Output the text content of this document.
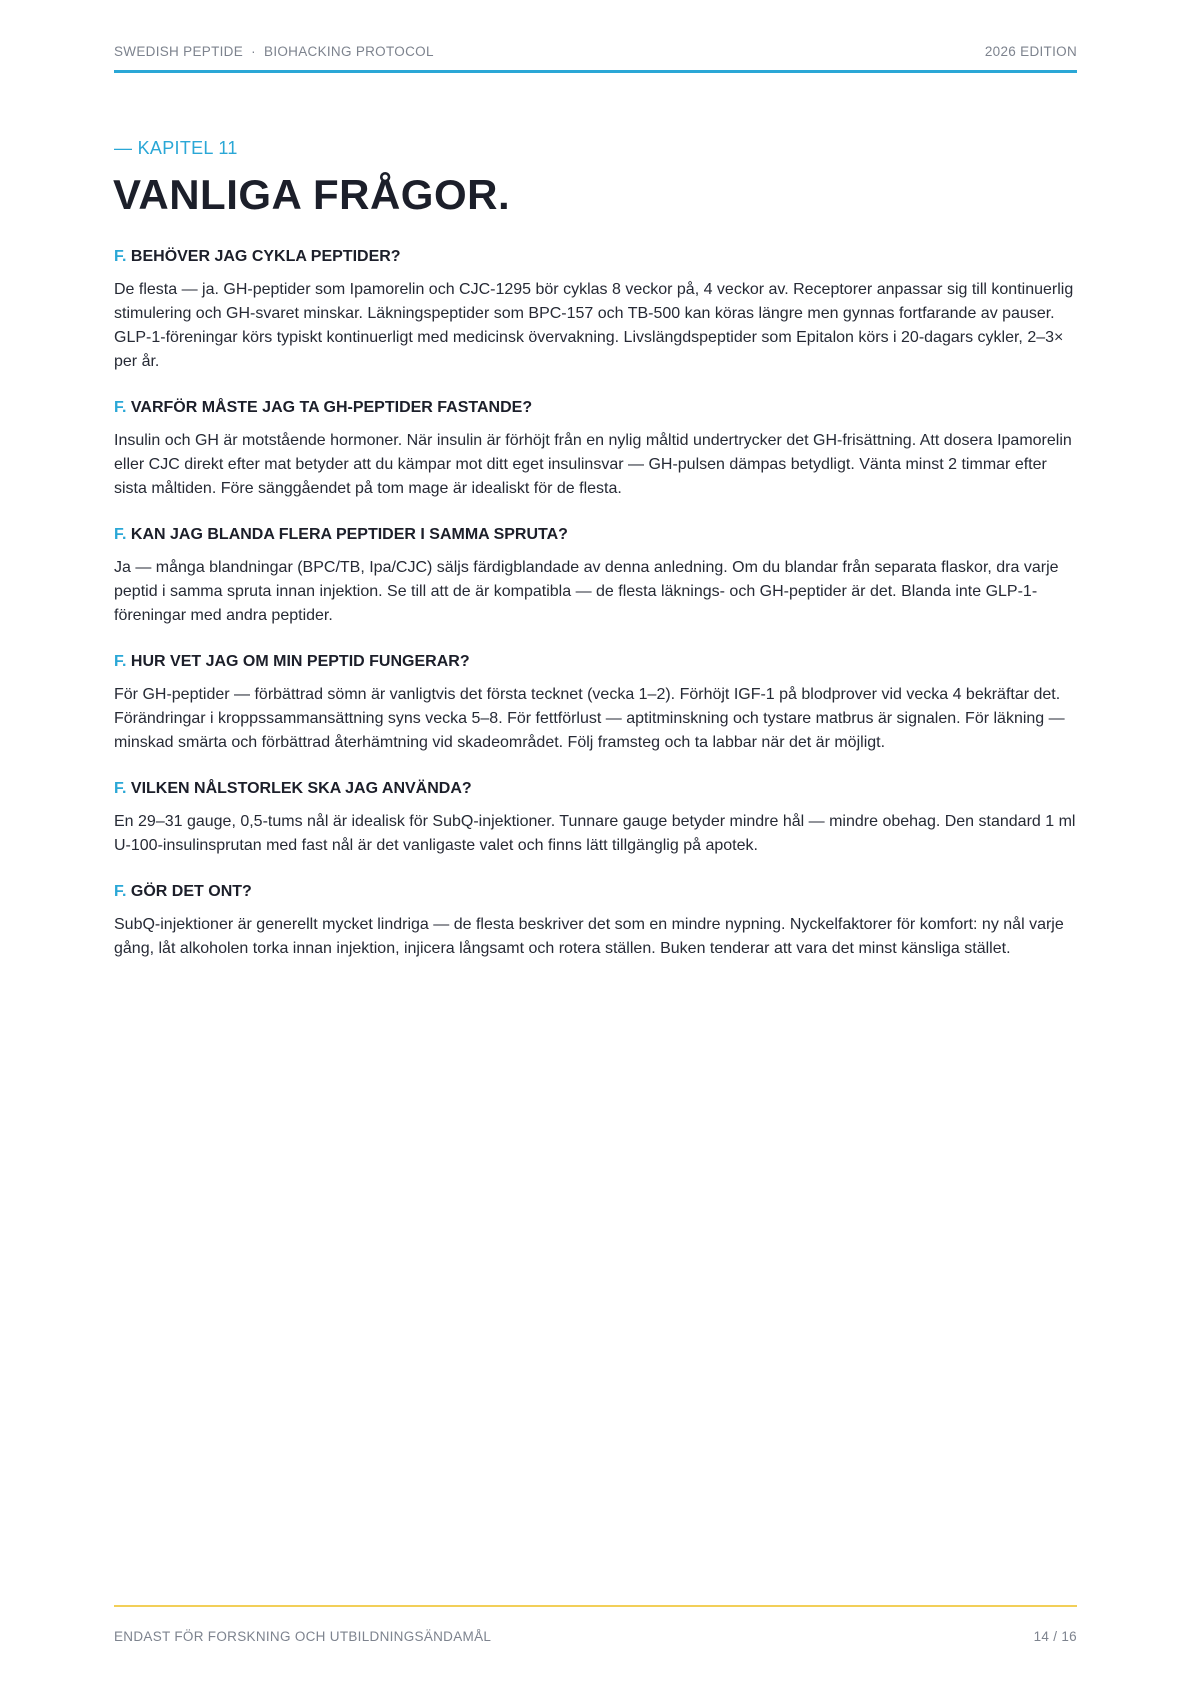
SWEDISH PEPTIDE  ·  BIOHACKING PROTOCOL	2026 EDITION
— KAPITEL 11
VANLIGA FRÅGOR.
F. BEHÖVER JAG CYKLA PEPTIDER?

De flesta — ja. GH-peptider som Ipamorelin och CJC-1295 bör cyklas 8 veckor på, 4 veckor av. Receptorer anpassar sig till kontinuerlig stimulering och GH-svaret minskar. Läkningspeptider som BPC-157 och TB-500 kan köras längre men gynnas fortfarande av pauser. GLP-1-föreningar körs typiskt kontinuerligt med medicinsk övervakning. Livslängdspeptider som Epitalon körs i 20-dagars cykler, 2–3× per år.

F. VARFÖR MÅSTE JAG TA GH-PEPTIDER FASTANDE?

Insulin och GH är motstående hormoner. När insulin är förhöjt från en nylig måltid undertrycker det GH-frisättning. Att dosera Ipamorelin eller CJC direkt efter mat betyder att du kämpar mot ditt eget insulinsvar — GH-pulsen dämpas betydligt. Vänta minst 2 timmar efter sista måltiden. Före sänggåendet på tom mage är idealiskt för de flesta.

F. KAN JAG BLANDA FLERA PEPTIDER I SAMMA SPRUTA?

Ja — många blandningar (BPC/TB, Ipa/CJC) säljs färdigblandade av denna anledning. Om du blandar från separata flaskor, dra varje peptid i samma spruta innan injektion. Se till att de är kompatibla — de flesta läknings- och GH-peptider är det. Blanda inte GLP-1-föreningar med andra peptider.

F. HUR VET JAG OM MIN PEPTID FUNGERAR?

För GH-peptider — förbättrad sömn är vanligtvis det första tecknet (vecka 1–2). Förhöjt IGF-1 på blodprover vid vecka 4 bekräftar det. Förändringar i kroppssammansättning syns vecka 5–8. För fettförlust — aptitminskning och tystare matbrus är signalen. För läkning — minskad smärta och förbättrad återhämtning vid skadeområdet. Följ framsteg och ta labbar när det är möjligt.

F. VILKEN NÅLSTORLEK SKA JAG ANVÄNDA?

En 29–31 gauge, 0,5-tums nål är idealisk för SubQ-injektioner. Tunnare gauge betyder mindre hål — mindre obehag. Den standard 1 ml U-100-insulinsprutan med fast nål är det vanligaste valet och finns lätt tillgänglig på apotek.

F. GÖR DET ONT?

SubQ-injektioner är generellt mycket lindriga — de flesta beskriver det som en mindre nypning. Nyckelfaktorer för komfort: ny nål varje gång, låt alkoholen torka innan injektion, injicera långsamt och rotera ställen. Buken tenderar att vara det minst känsliga stället.

ENDAST FÖR FORSKNING OCH UTBILDNINGSÄNDAMÅL	14 / 16
